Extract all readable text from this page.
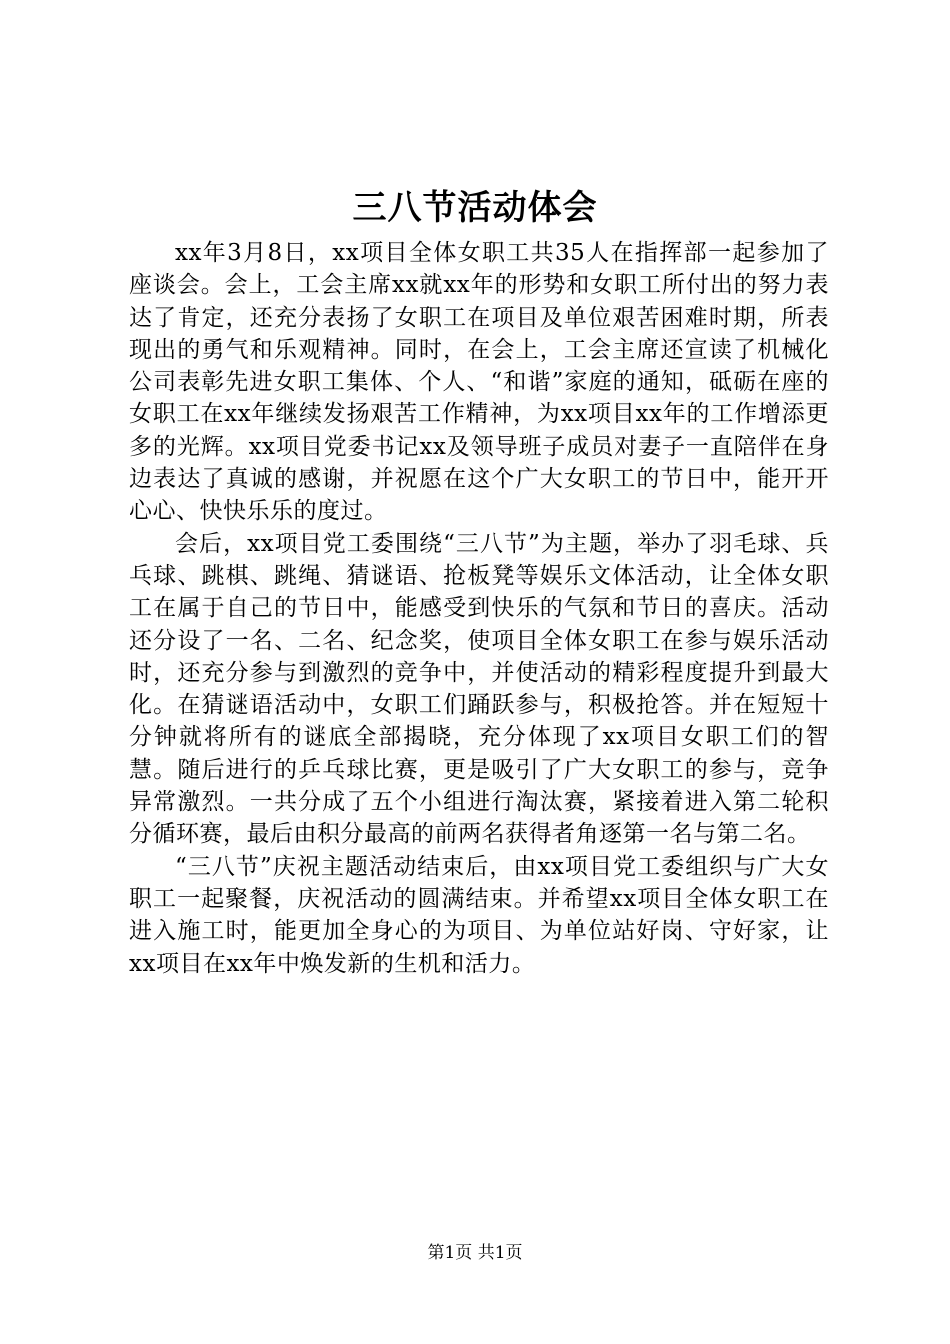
三八节活动体会

xx年3月8日，xx项目全体女职工共35人在指挥部一起参加了座谈会。会上，工会主席xx就xx年的形势和女职工所付出的努力表达了肯定，还充分表扬了女职工在项目及单位艰苦困难时期，所表现出的勇气和乐观精神。同时，在会上，工会主席还宣读了机械化公司表彰先进女职工集体、个人、“和谐”家庭的通知，砥砺在座的女职工在xx年继续发扬艰苦工作精神，为xx项目xx年的工作增添更多的光辉。xx项目党委书记xx及领导班子成员对妻子一直陪伴在身边表达了真诚的感谢，并祝愿在这个广大女职工的节日中，能开开心心、快快乐乐的度过。

会后，xx项目党工委围绕“三八节”为主题，举办了羽毛球、兵乓球、跳棋、跳绳、猜谜语、抢板凳等娱乐文体活动，让全体女职工在属于自己的节日中，能感受到快乐的气氛和节日的喜庆。活动还分设了一名、二名、纪念奖，使项目全体女职工在参与娱乐活动时，还充分参与到激烈的竞争中，并使活动的精彩程度提升到最大化。在猜谜语活动中，女职工们踊跃参与，积极抢答。并在短短十分钟就将所有的谜底全部揭晓，充分体现了xx项目女职工们的智慧。随后进行的乒乓球比赛，更是吸引了广大女职工的参与，竞争异常激烈。一共分成了五个小组进行淘汰赛，紧接着进入第二轮积分循环赛，最后由积分最高的前两名获得者角逐第一名与第二名。

“三八节”庆祝主题活动结束后，由xx项目党工委组织与广大女职工一起聚餐，庆祝活动的圆满结束。并希望xx项目全体女职工在进入施工时，能更加全身心的为项目、为单位站好岗、守好家，让xx项目在xx年中焕发新的生机和活力。

第1页 共1页
